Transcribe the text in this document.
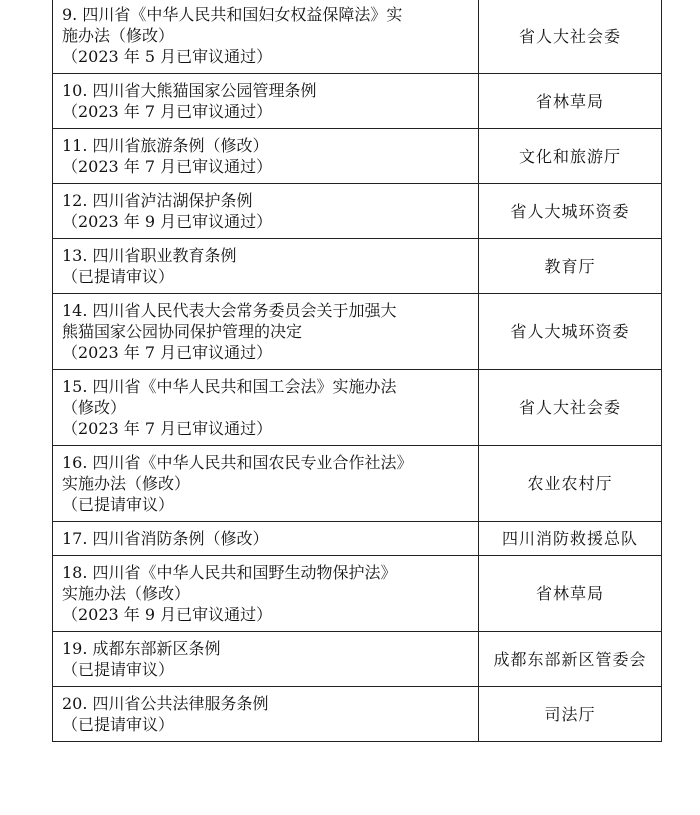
9. 四川省《中华人民共和国妇女权益保障法》实
施办法（修改）
（2023 年 5 月已审议通过）	省人大社会委

10. 四川省大熊猫国家公园管理条例
（2023 年 7 月已审议通过）	省林草局

11. 四川省旅游条例（修改）
（2023 年 7 月已审议通过）	文化和旅游厅

12. 四川省泸沽湖保护条例
（2023 年 9 月已审议通过）	省人大城环资委

13. 四川省职业教育条例
（已提请审议）	教育厅

14. 四川省人民代表大会常务委员会关于加强大
熊猫国家公园协同保护管理的决定
（2023 年 7 月已审议通过）	省人大城环资委

15. 四川省《中华人民共和国工会法》实施办法
（修改）
（2023 年 7 月已审议通过）	省人大社会委

16. 四川省《中华人民共和国农民专业合作社法》
实施办法（修改）
（已提请审议）	农业农村厅

17. 四川省消防条例（修改）	四川消防救援总队

18. 四川省《中华人民共和国野生动物保护法》
实施办法（修改）
（2023 年 9 月已审议通过）	省林草局

19. 成都东部新区条例
（已提请审议）	成都东部新区管委会

20. 四川省公共法律服务条例
（已提请审议）	司法厅
